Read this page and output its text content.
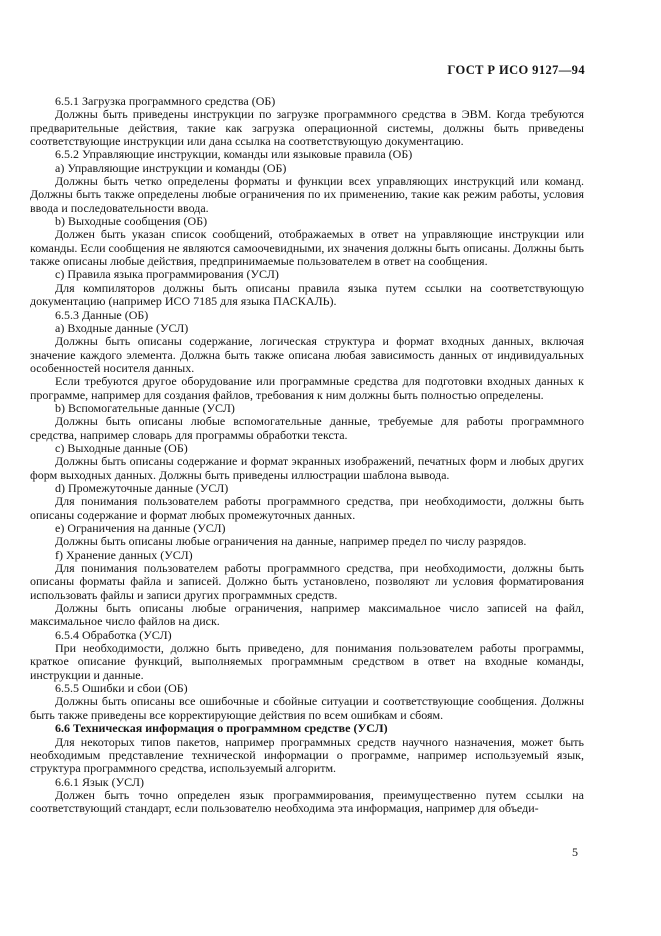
ГОСТ Р ИСО 9127—94

6.5.1 Загрузка программного средства (ОБ)

Должны быть приведены инструкции по загрузке программного средства в ЭВМ. Когда требуются предварительные действия, такие как загрузка операционной системы, должны быть приведены соответствующие инструкции или дана ссылка на соответствующую документацию.

6.5.2 Управляющие инструкции, команды или языковые правила (ОБ)

a) Управляющие инструкции и команды (ОБ)

Должны быть четко определены форматы и функции всех управляющих инструкций или команд. Должны быть также определены любые ограничения по их применению, такие как режим работы, условия ввода и последовательности ввода.

b) Выходные сообщения (ОБ)

Должен быть указан список сообщений, отображаемых в ответ на управляющие инструкции или команды. Если сообщения не являются самоочевидными, их значения должны быть описаны. Должны быть также описаны любые действия, предпринимаемые пользователем в ответ на сообщения.

c) Правила языка программирования (УСЛ)

Для компиляторов должны быть описаны правила языка путем ссылки на соответствующую документацию (например ИСО 7185 для языка ПАСКАЛЬ).

6.5.3 Данные (ОБ)

a) Входные данные (УСЛ)

Должны быть описаны содержание, логическая структура и формат входных данных, включая значение каждого элемента. Должна быть также описана любая зависимость данных от индивидуальных особенностей носителя данных.

Если требуются другое оборудование или программные средства для подготовки входных данных к программе, например для создания файлов, требования к ним должны быть полностью определены.

b) Вспомогательные данные (УСЛ)

Должны быть описаны любые вспомогательные данные, требуемые для работы программного средства, например словарь для программы обработки текста.

c) Выходные данные (ОБ)

Должны быть описаны содержание и формат экранных изображений, печатных форм и любых других форм выходных данных. Должны быть приведены иллюстрации шаблона вывода.

d) Промежуточные данные (УСЛ)

Для понимания пользователем работы программного средства, при необходимости, должны быть описаны содержание и формат любых промежуточных данных.

e) Ограничения на данные (УСЛ)

Должны быть описаны любые ограничения на данные, например предел по числу разрядов.

f) Хранение данных (УСЛ)

Для понимания пользователем работы программного средства, при необходимости, должны быть описаны форматы файла и записей. Должно быть установлено, позволяют ли условия форматирования использовать файлы и записи других программных средств.

Должны быть описаны любые ограничения, например максимальное число записей на файл, максимальное число файлов на диск.

6.5.4 Обработка (УСЛ)

При необходимости, должно быть приведено, для понимания пользователем работы программы, краткое описание функций, выполняемых программным средством в ответ на входные команды, инструкции и данные.

6.5.5 Ошибки и сбои (ОБ)

Должны быть описаны все ошибочные и сбойные ситуации и соответствующие сообщения. Должны быть также приведены все корректирующие действия по всем ошибкам и сбоям.

6.6 Техническая информация о программном средстве (УСЛ)

Для некоторых типов пакетов, например программных средств научного назначения, может быть необходимым представление технической информации о программе, например используемый язык, структура программного средства, используемый алгоритм.

6.6.1 Язык (УСЛ)

Должен быть точно определен язык программирования, преимущественно путем ссылки на соответствующий стандарт, если пользователю необходима эта информация, например для объеди-

5
